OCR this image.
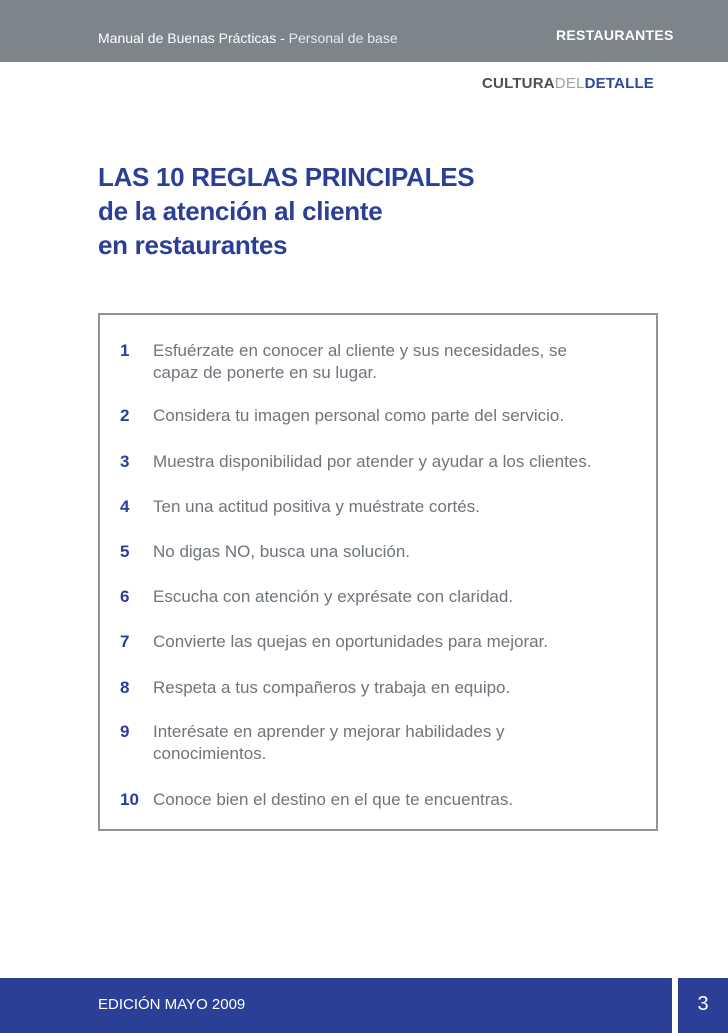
Manual de Buenas Prácticas - Personal de base	RESTAURANTES
CULTURADELDETALLE
LAS 10 REGLAS PRINCIPALES
de la atención al cliente
en restaurantes
1	Esfuérzate en conocer al cliente y sus necesidades, se capaz de ponerte en su lugar.
2	Considera tu imagen personal como parte del servicio.
3	Muestra disponibilidad por atender y ayudar a los clientes.
4	Ten una actitud positiva y muéstrate cortés.
5	No digas NO, busca una solución.
6	Escucha con atención y exprésate con claridad.
7	Convierte las quejas en oportunidades para mejorar.
8	Respeta a tus compañeros y trabaja en equipo.
9	Interésate en aprender y mejorar habilidades y conocimientos.
10 Conoce bien el destino en el que te encuentras.
EDICIÓN MAYO 2009	3
